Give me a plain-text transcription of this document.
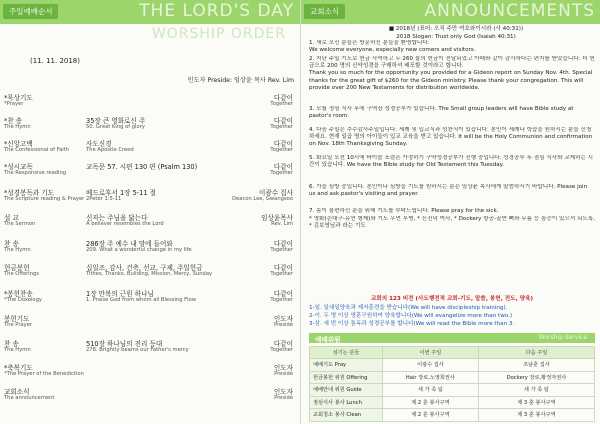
주일예배순서	THE LORD'S DAY
WORSHIP ORDER
(11. 11. 2018)
인도자 Preside: 임상윤 목사 Rev. Lim
*묵상기도	다같이
*Prayer	Together
*찬 송	35장 큰 영화로신 주	다같이
The Hymn	50. Great King of glory	Together
*신앙고백	사도신경	다같이
The Confessional of Faith	The Apostle Creed	Together
*성시교독	교독문 57. 시편 130 편 (Psalm 130)	다같이
The Responsive reading	Together
*성경봉독과 기도	베드로후서 1장 5-11 절	이광수 집사
The Scripture reading & Prayer 2Peter 1:5-11	Deacon Lee, Gwangsoo
설 교	신자는 주님을 닮는다	임상윤목사
The Sermon	A believer resembles the Lord	Rev. Lim
찬 송	286장 주 예수 내 맘에 들어와	다같이
The Hymn	209. What a wonderful change in my life	Together
헌금봉헌	십일조, 감사, 건축, 선교, 구제, 주일헌금	다같이
The Offerings	Tithes, Thanks, Building, Mission, Mercy, Sunday	Together
*봉헌찬송	1장 만복의 근원 하나님	다같이
*The Doxology	1. Praise God from whom all Blessing Flow	Together
봉헌기도	인도자
The Prayer	Preside
찬 송	510장 하나님의 진리 등대	다같이
The Hymn	278. Brightly beams our Father's mercy	Together
*축복기도	인도자
*The Prayer of the Benediction	Preside
교회소식	인도자
The announcement	Preside
교회소식	ANNOUNCEMENTS
■ 2018년 (표어: 오직 주만 여호와이시라 (사 40:31))
2018 Slogan: Trust only God (Isaiah 40:31)
1. 새로 오신 분들은 방문하신 분들을 환영합니다.
We welcome everyone, especially new comers and visitors.
2. 지난 주일 기도로 헌금 사역하고 두 260 불의 헌금이 전달되었고 아래와 같이 감사하다는 편지를 받았습니다. 더 헌금으로 200 명의 신약성경을 구매하셔 배포할 것이라고 합니다.
Thank you so much for the opportunity you provided for a Gideon report on Sunday Nov. 4th. Special thanks for the great gift of $260 for the Gideon ministry. Please thank your congregation. This will provide over 200 New Testaments for distribution worldwide.
3. 모될 정심 식사 후에 구역장 성경공부가 있습니다. The Small group leaders will have Bible study at pastor's room.
4. 다음 주일은 추수감사주일입니다. 세례 및 입교식과 성찬식이 있습니다. 본인이 세례나 학습을 원하시는 분들 신청하세요. 현재 일곱 명의 아이들이 입교 교육을 받고 있습니다. It will be the Holy Communion and confirmation on Nov. 18th Thanksgiving Sunday.
5. 화요일 오전 10시에 바이블 포럼은 가정하기 구약성경공부가 진행 중입니다. 성경공부 후 점심 식사와 교제하는 시간이 있습니다. We have the Bible study for Old Testament this Tuesday.
6. 가을 심방 중입니다. 본인이나 심방을 기도를 원하시는 분은 임상윤 목사에게 말씀하시기 바랍니다. Please join us and ask pastor's visiting and prayer.
7. 몸이 불편하신 분을 위해 기도를 부탁드립니다. Please pray for the sick.
* 영화(손대구-유연 형제)와 기도 우먼 투병, * 신진덕 여사, * Dockery 항공-골반 뼈와 무릎 등 통증이 있으셔 되도록, * 김보영님과 라는 기도
교회의 123 비전 (사도행전적 교회-기도, 말씀, 봉헌, 전도, 양육)
1-일. 일대일양육과 제자훈련을 받습니다(We will have discipleship training).
2-이. 두 명 이상 영혼구원하여 양육합니다(We will evangelize more than two.)
3-삼. 세 번 이상 통독과 성경공부를 합니다(We will read the Bible more than 3.
예배위원	Worship Service
섬기는 분들	이번 주일	다음 주일
예배기도 Pray	이광수 집사	조남훈 집사
헌금봉헌 위원 Offering	Hair 장로,노영희권사	Dockery 장로,황정자권사
예배안내 위원 Guide	세 가 족 팀	세 가 족 팀
점심식사 봉사 Lunch	제 2 훈 봉사구역	제 3 훈 봉사구역
교회청소 봉사 Clean	제 2 훈 봉사구역	제 3 훈 봉사구역
